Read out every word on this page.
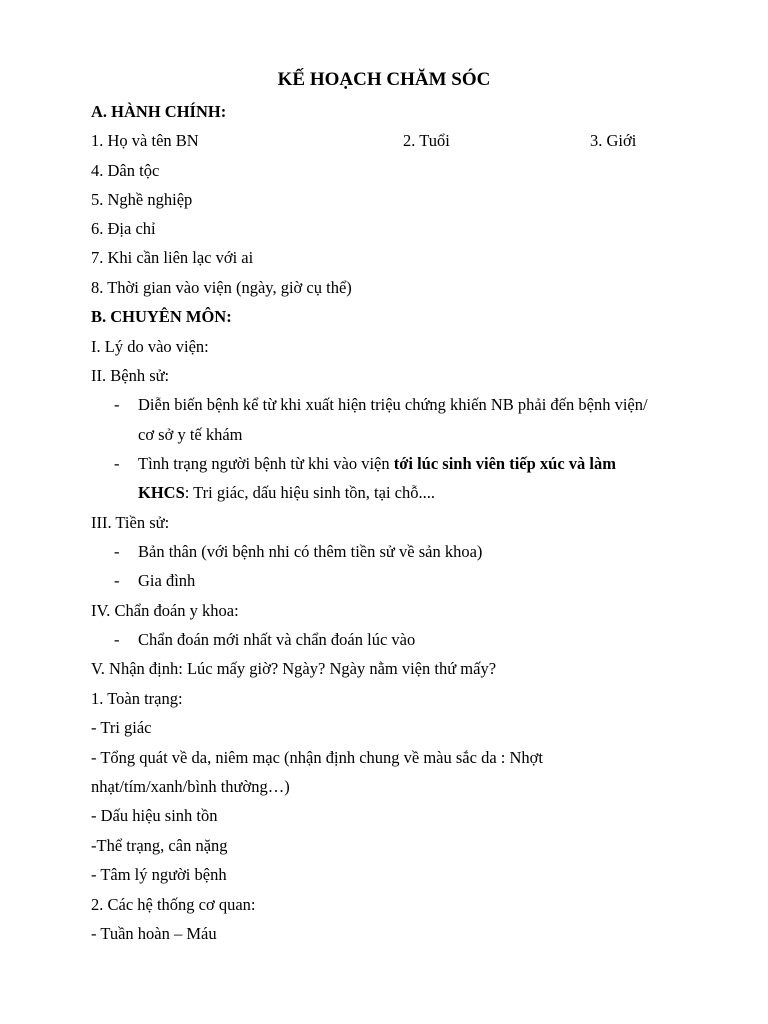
KẾ HOẠCH CHĂM SÓC
A. HÀNH CHÍNH:
1. Họ và tên BN	2. Tuổi	3. Giới
4. Dân tộc
5. Nghề nghiệp
6. Địa chỉ
7. Khi cần liên lạc với ai
8. Thời gian vào viện (ngày, giờ cụ thể)
B. CHUYÊN MÔN:
I. Lý do vào viện:
II. Bệnh sử:
- Diễn biến bệnh kể từ khi xuất hiện triệu chứng khiến NB phải đến bệnh viện/
cơ sở y tế khám
- Tình trạng người bệnh từ khi vào viện tới lúc sinh viên tiếp xúc và làm
KHCS: Tri giác, dấu hiệu sinh tồn, tại chỗ....
III. Tiền sử:
- Bản thân (với bệnh nhi có thêm tiền sử về sản khoa)
- Gia đình
IV. Chẩn đoán y khoa:
- Chẩn đoán mới nhất và chẩn đoán lúc vào
V. Nhận định: Lúc mấy giờ? Ngày? Ngày nằm viện thứ mấy?
1. Toàn trạng:
- Tri giác
- Tổng quát về da, niêm mạc (nhận định chung về màu sắc da : Nhợt
nhạt/tím/xanh/bình thường…)
- Dấu hiệu sinh tồn
-Thể trạng, cân nặng
- Tâm lý người bệnh
2. Các hệ thống cơ quan:
- Tuần hoàn – Máu
